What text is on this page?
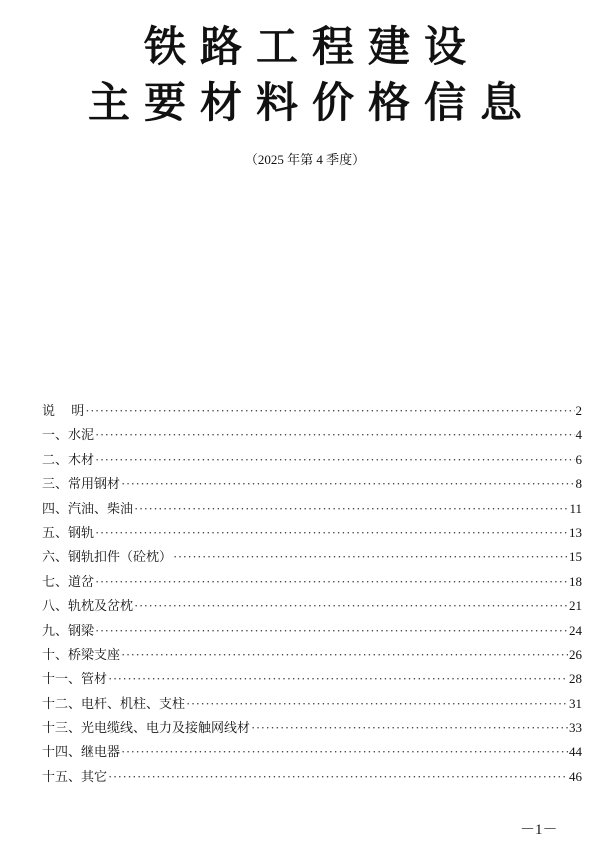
铁路工程建设
主要材料价格信息
（2025 年第 4 季度）
说　 明 ·····	2
一、水泥 ·····	4
二、木材 ·····	6
三、常用钢材 ·····	8
四、汽油、柴油 ·····	11
五、钢轨 ·····	13
六、钢轨扣件（砼枕） ·····	15
七、道岔 ·····	18
八、轨枕及岔枕 ·····	21
九、钢梁 ·····	24
十、桥梁支座 ·····	26
十一、管材 ·····	28
十二、电杆、机柱、支柱 ·····	31
十三、光电缆线、电力及接触网线材 ·····	33
十四、继电器 ·····	44
十五、其它 ·····	46
－1－
